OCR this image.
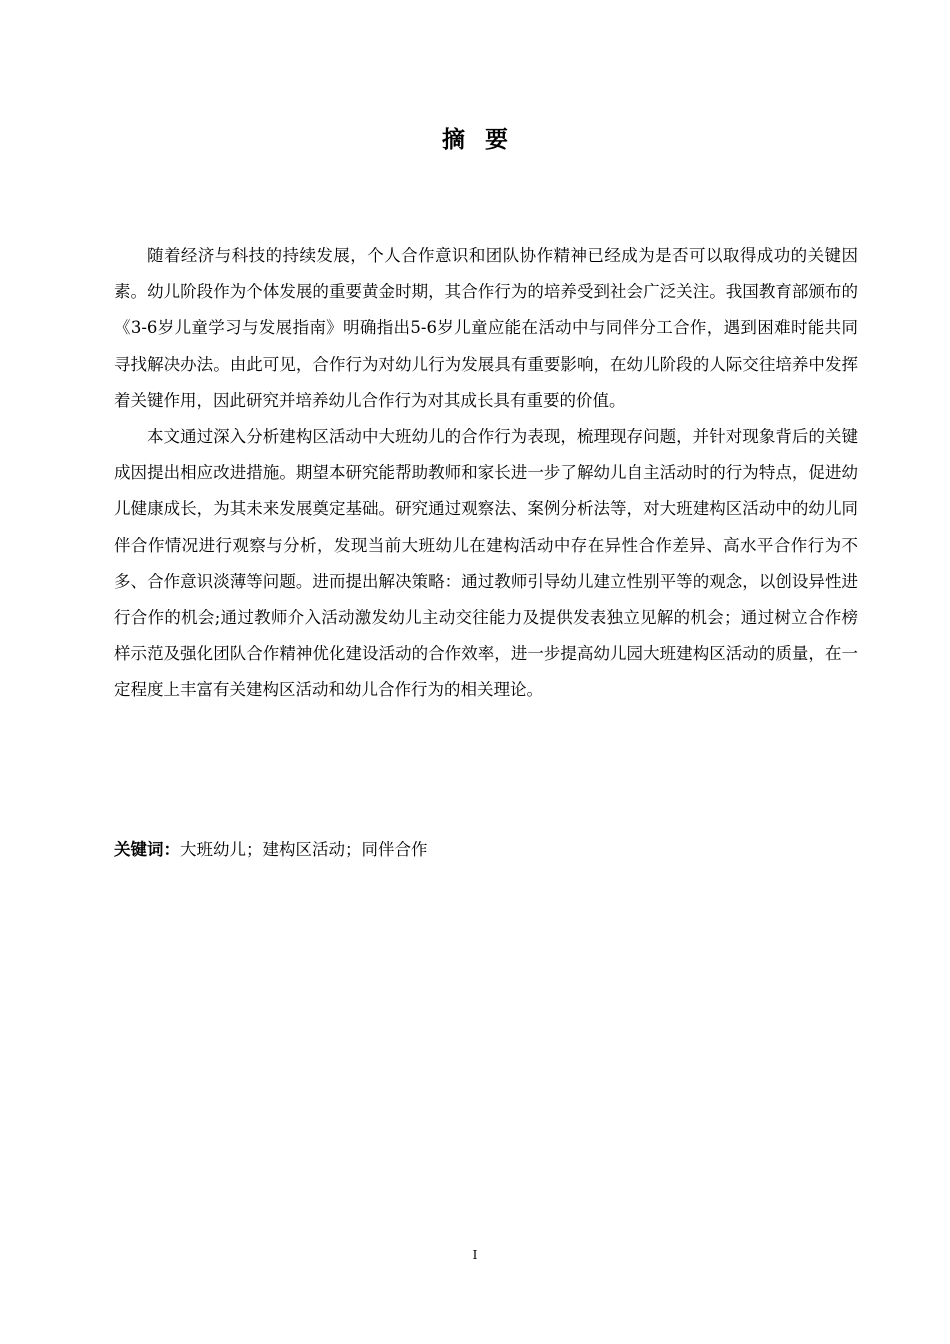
摘要

随着经济与科技的持续发展，个人合作意识和团队协作精神已经成为是否可以取得成功的关键因素。幼儿阶段作为个体发展的重要黄金时期，其合作行为的培养受到社会广泛关注。我国教育部颁布的《3-6岁儿童学习与发展指南》明确指出5-6岁儿童应能在活动中与同伴分工合作，遇到困难时能共同寻找解决办法。由此可见，合作行为对幼儿行为发展具有重要影响，在幼儿阶段的人际交往培养中发挥着关键作用，因此研究并培养幼儿合作行为对其成长具有重要的价值。

本文通过深入分析建构区活动中大班幼儿的合作行为表现，梳理现存问题，并针对现象背后的关键成因提出相应改进措施。期望本研究能帮助教师和家长进一步了解幼儿自主活动时的行为特点，促进幼儿健康成长，为其未来发展奠定基础。研究通过观察法、案例分析法等，对大班建构区活动中的幼儿同伴合作情况进行观察与分析，发现当前大班幼儿在建构活动中存在异性合作差异、高水平合作行为不多、合作意识淡薄等问题。进而提出解决策略：通过教师引导幼儿建立性别平等的观念，以创设异性进行合作的机会;通过教师介入活动激发幼儿主动交往能力及提供发表独立见解的机会；通过树立合作榜样示范及强化团队合作精神优化建设活动的合作效率，进一步提高幼儿园大班建构区活动的质量，在一定程度上丰富有关建构区活动和幼儿合作行为的相关理论。

关键词：大班幼儿；建构区活动；同伴合作

I
